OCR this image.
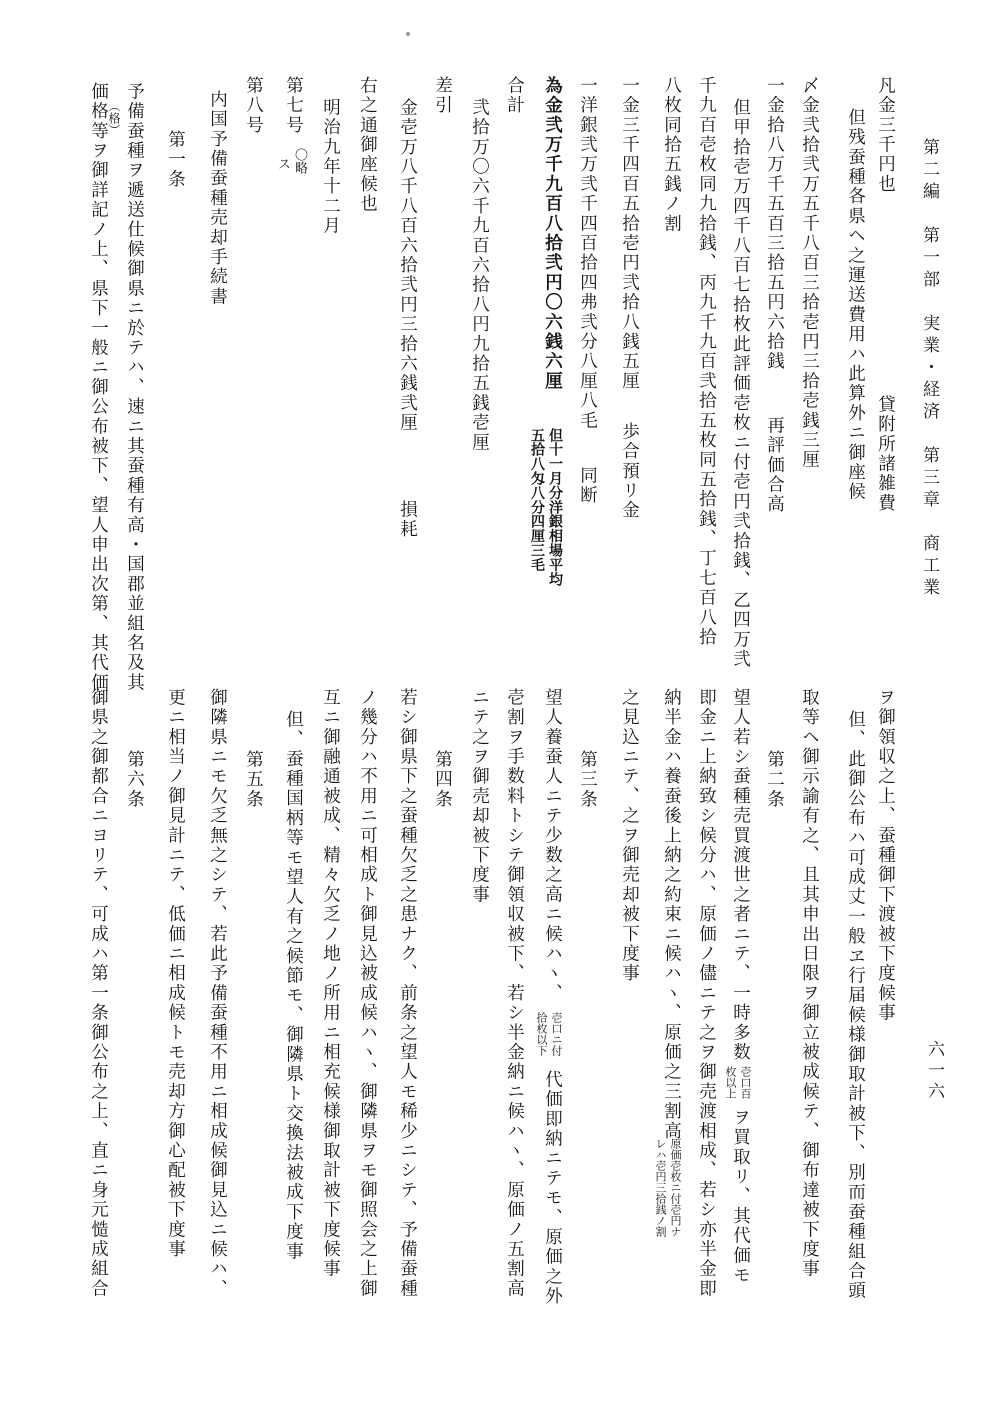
第二編　第一部　実業・経済　第三章　商工業
六一六
凡金三千円也
貸附所諸雑費
但残蚕種各県ヘ之運送費用ハ此算外ニ御座候
〆金弐拾弐万五千八百三拾壱円三拾壱銭三厘
一金拾八万千五百三拾五円六拾銭
再評価合高
但甲拾壱万四千八百七拾枚此評価壱枚ニ付壱円弐拾銭、乙四万弐
千九百壱枚同九拾銭、丙九千九百弐拾五枚同五拾銭、丁七百八拾
八枚同拾五銭ノ割
一金三千四百五拾壱円弐拾八銭五厘
歩合預リ金
一洋銀弐万弐千四百拾四弗弐分八厘八毛
同断
為金弐万千九百八拾弐円〇六銭六厘
但十一月分洋銀相場平均
五拾八匁八分四厘三毛
合計
弐拾万〇六千九百六拾八円九拾五銭壱厘
差引
金壱万八千八百六拾弐円三拾六銭弐厘
損耗
右之通御座候也
明治九年十二月
第七号
〇略
ス
第八号
内国予備蚕種売却手続書
第一条
予備蚕種ヲ遞送仕候御県ニ於テハ、速ニ其蚕種有高・国郡並組名及其
（格）
価格等ヲ御詳記ノ上、県下一般ニ御公布被下、望人申出次第、其代価
ヲ御領収之上、蚕種御下渡被下度候事
但、此御公布ハ可成丈一般ヱ行届候様御取計被下、別而蚕種組合頭
取等ヘ御示諭有之、且其申出日限ヲ御立被成候テ、御布達被下度事
第二条
望人若シ蚕種売買渡世之者ニテ、一時多数
壱口百
枚以上
ヲ買取リ、其代価モ
即金ニ上納致シ候分ハ、原価ノ儘ニテ之ヲ御売渡相成、若シ亦半金即
納半金ハ養蚕後上納之約束ニ候ハヽ、原価之三割高
原価壱枚ニ付壱円ナ
レハ壱円三拾銭ノ割
之見込ニテ、之ヲ御売却被下度事
第三条
望人養蚕人ニテ少数之高ニ候ハヽ、
壱口ニ付
拾枚以下
代価即納ニテモ、原価之外
壱割ヲ手数料トシテ御領収被下、若シ半金納ニ候ハヽ、原価ノ五割高
ニテ之ヲ御売却被下度事
第四条
若シ御県下之蚕種欠乏之患ナク、前条之望人モ稀少ニシテ、予備蚕種
ノ幾分ハ不用ニ可相成ト御見込被成候ハヽ、御隣県ヲモ御照会之上御
互ニ御融通被成、精々欠乏ノ地ノ所用ニ相充候様御取計被下度候事
但、蚕種国柄等モ望人有之候節モ、御隣県ト交換法被成下度事
第五条
御隣県ニモ欠乏無之シテ、若此予備蚕種不用ニ相成候御見込ニ候ハ、
更ニ相当ノ御見計ニテ、低価ニ相成候トモ売却方御心配被下度事
第六条
御県之御都合ニヨリテ、可成ハ第一条御公布之上、直ニ身元慥成組合
